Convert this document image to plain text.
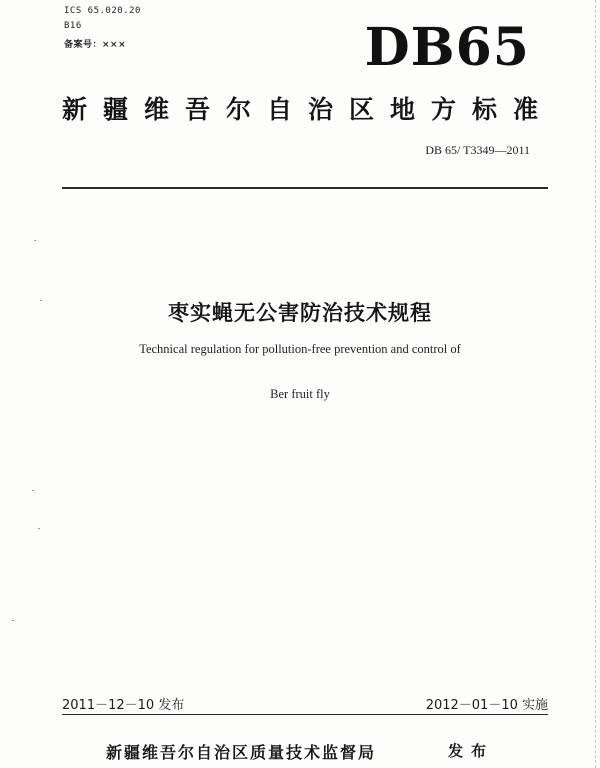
ICS 65.020.20
B16
备案号：×××	DB65
新疆维吾尔自治区地方标准
DB 65/ T3349—2011
枣实蝇无公害防治技术规程
Technical regulation for pollution-free prevention and control of
Ber fruit fly
2011－12－10 发布	2012－01－10 实施
新疆维吾尔自治区质量技术监督局	发布
